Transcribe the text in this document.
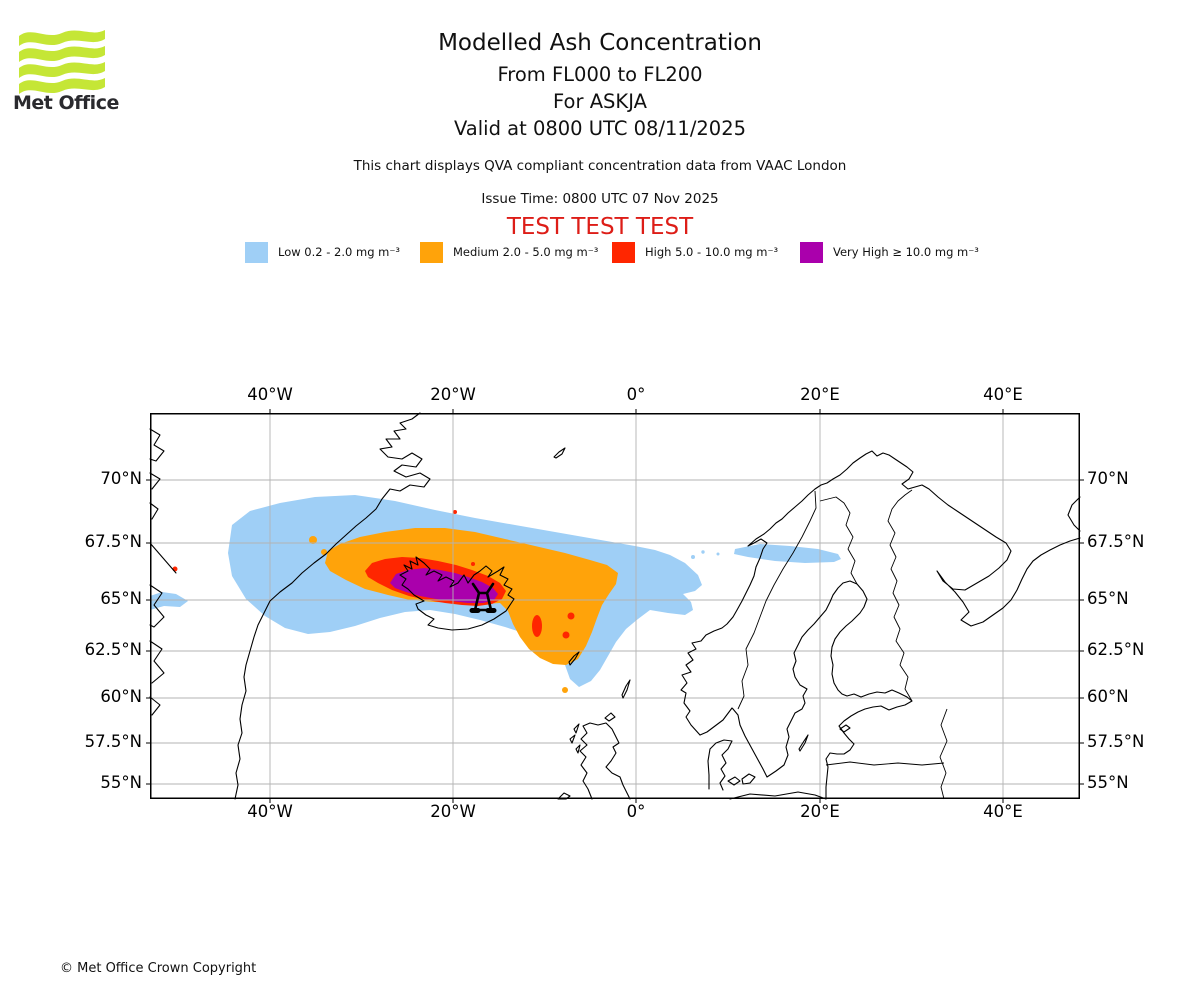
Met Office
Modelled Ash Concentration
From FL000 to FL200
For ASKJA
Valid at 0800 UTC 08/11/2025
This chart displays QVA compliant concentration data from VAAC London
Issue Time: 0800 UTC 07 Nov 2025
TEST TEST TEST
Low 0.2 - 2.0 mg m⁻³	Medium 2.0 - 5.0 mg m⁻³	High 5.0 - 10.0 mg m⁻³	Very High ≥ 10.0 mg m⁻³
40°W
40°W
20°W
20°W
0°
0°
20°E
20°E
40°E
40°E
70°N	70°N
67.5°N	67.5°N
65°N	65°N
62.5°N	62.5°N
60°N	60°N
57.5°N	57.5°N
55°N	55°N
© Met Office Crown Copyright
